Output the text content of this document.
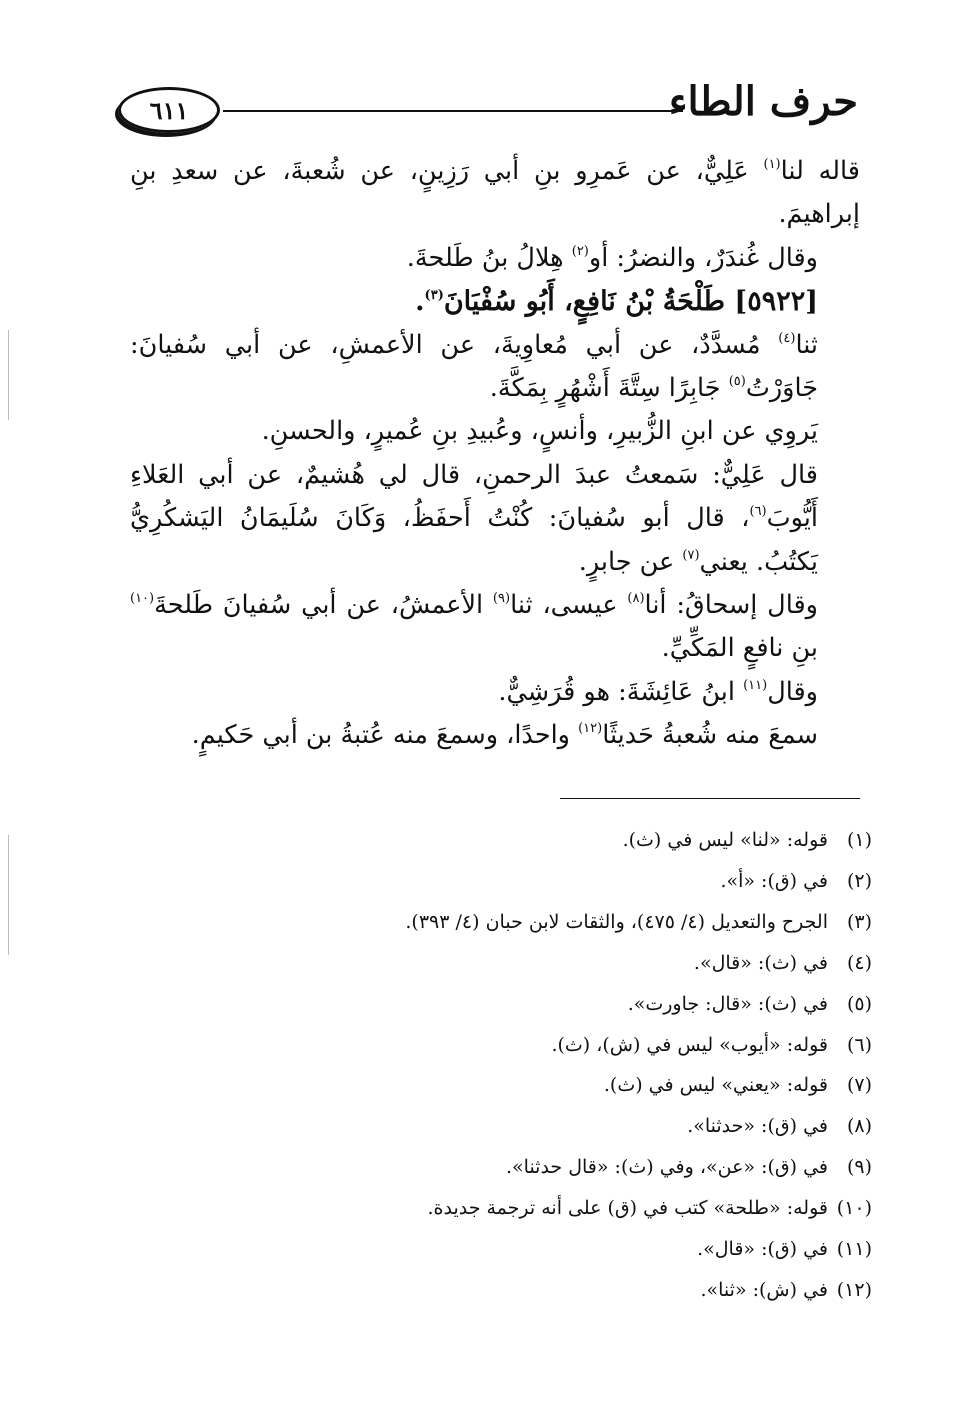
حرف الطاء
٦١١
قاله لنا$^{(١)}$ عَلِيٌّ، عن عَمرِو بنِ أبي رَزِينٍ، عن شُعبةَ، عن سعدِ بنِ إبراهيمَ.
وقال غُندَرٌ، والنضرُ: أو$^{(٢)}$ هِلالُ بنُ طَلحةَ.
[٥٩٢٢] طَلْحَةُ بْنُ نَافِعٍ، أَبُو سُفْيَانَ$^{(٣)}$.
ثنا$^{(٤)}$ مُسدَّدٌ، عن أبي مُعاوِيةَ، عن الأعمشِ، عن أبي سُفيانَ: جَاوَرْتُ$^{(٥)}$ جَابِرًا سِتَّةَ أَشْهُرٍ بِمَكَّةَ.
يَروِي عن ابنِ الزُّبيرِ، وأنسٍ، وعُبيدِ بنِ عُميرٍ، والحسنِ.
قال عَلِيٌّ: سَمعتُ عبدَ الرحمنِ، قال لي هُشيمٌ، عن أبي العَلاءِ أَيُّوبَ$^{(٦)}$، قال أبو سُفيانَ: كُنْتُ أَحفَظُ، وَكَانَ سُلَيمَانُ اليَشكُرِيُّ يَكتُبُ. يعني$^{(٧)}$ عن جابرٍ.
وقال إسحاقُ: أنا$^{(٨)}$ عيسى، ثنا$^{(٩)}$ الأعمشُ، عن أبي سُفيانَ طَلحةَ$^{(١٠)}$ بنِ نافعٍ المَكِّيِّ.
وقال$^{(١١)}$ ابنُ عَائِشَةَ: هو قُرَشِيٌّ.
سمعَ منه شُعبةُ حَديثًا$^{(١٢)}$ واحدًا، وسمعَ منه عُتبةُ بن أبي حَكيمٍ.
(١)
قوله: «لنا» ليس في (ث).
(٢)
في (ق): «أ».
(٣)
الجرح والتعديل (٤/ ٤٧٥)، والثقات لابن حبان (٤/ ٣٩٣).
(٤)
في (ث): «قال».
(٥)
في (ث): «قال: جاورت».
(٦)
قوله: «أيوب» ليس في (ش)، (ث).
(٧)
قوله: «يعني» ليس في (ث).
(٨)
في (ق): «حدثنا».
(٩)
في (ق): «عن»، وفي (ث): «قال حدثنا».
(١٠)
قوله: «طلحة» كتب في (ق) على أنه ترجمة جديدة.
(١١)
في (ق): «قال».
(١٢)
في (ش): «ثنا».
